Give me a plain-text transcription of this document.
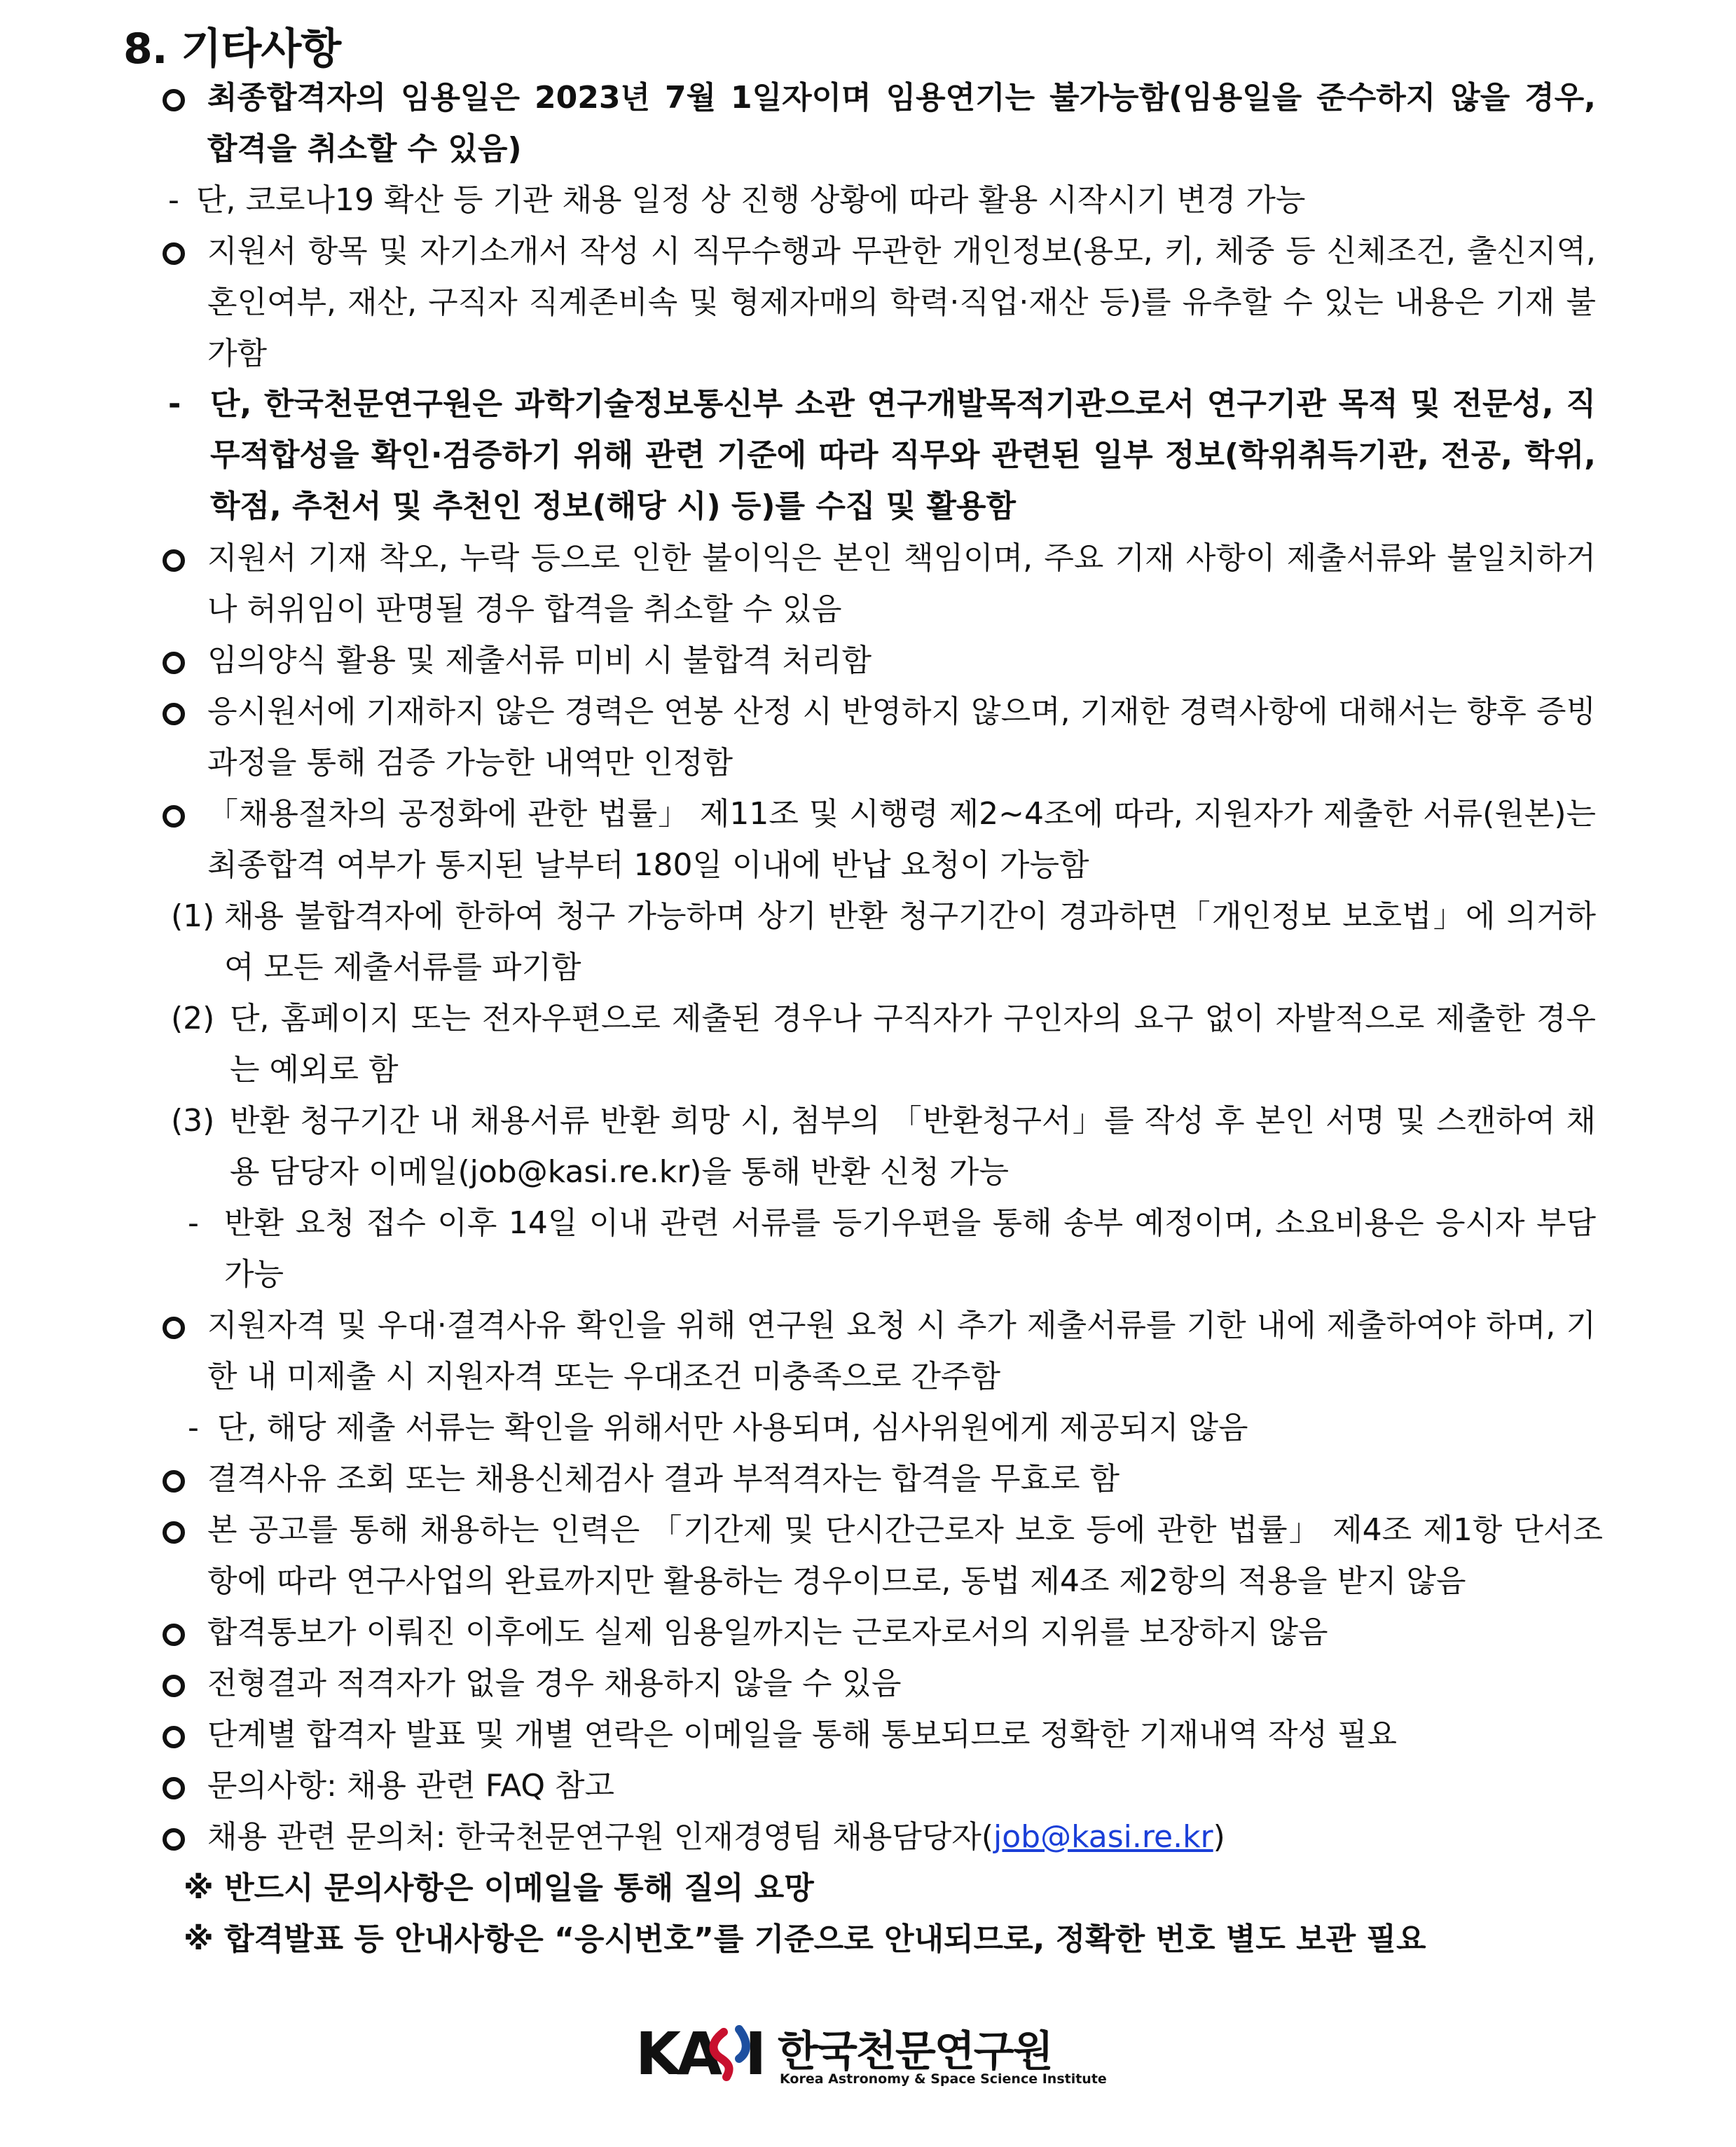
8. 기타사항
최종합격자의 임용일은 2023년 7월 1일자이며 임용연기는 불가능함(임용일을 준수하지 않을 경우, 합격을 취소할 수 있음)
- 단, 코로나19 확산 등 기관 채용 일정 상 진행 상황에 따라 활용 시작시기 변경 가능
지원서 항목 및 자기소개서 작성 시 직무수행과 무관한 개인정보(용모, 키, 체중 등 신체조건, 출신지역, 혼인여부, 재산, 구직자 직계존비속 및 형제자매의 학력·직업·재산 등)를 유추할 수 있는 내용은 기재 불가함
- 단, 한국천문연구원은 과학기술정보통신부 소관 연구개발목적기관으로서 연구기관 목적 및 전문성, 직무적합성을 확인·검증하기 위해 관련 기준에 따라 직무와 관련된 일부 정보(학위취득기관, 전공, 학위, 학점, 추천서 및 추천인 정보(해당 시) 등)를 수집 및 활용함
지원서 기재 착오, 누락 등으로 인한 불이익은 본인 책임이며, 주요 기재 사항이 제출서류와 불일치하거나 허위임이 판명될 경우 합격을 취소할 수 있음
임의양식 활용 및 제출서류 미비 시 불합격 처리함
응시원서에 기재하지 않은 경력은 연봉 산정 시 반영하지 않으며, 기재한 경력사항에 대해서는 향후 증빙 과정을 통해 검증 가능한 내역만 인정함
「채용절차의 공정화에 관한 법률」 제11조 및 시행령 제2~4조에 따라, 지원자가 제출한 서류(원본)는 최종합격 여부가 통지된 날부터 180일 이내에 반납 요청이 가능함
(1) 채용 불합격자에 한하여 청구 가능하며 상기 반환 청구기간이 경과하면「개인정보 보호법」에 의거하여 모든 제출서류를 파기함
(2) 단, 홈페이지 또는 전자우편으로 제출된 경우나 구직자가 구인자의 요구 없이 자발적으로 제출한 경우는 예외로 함
(3) 반환 청구기간 내 채용서류 반환 희망 시, 첨부의 「반환청구서」를 작성 후 본인 서명 및 스캔하여 채용 담당자 이메일(job@kasi.re.kr)을 통해 반환 신청 가능
- 반환 요청 접수 이후 14일 이내 관련 서류를 등기우편을 통해 송부 예정이며, 소요비용은 응시자 부담 가능
지원자격 및 우대·결격사유 확인을 위해 연구원 요청 시 추가 제출서류를 기한 내에 제출하여야 하며, 기한 내 미제출 시 지원자격 또는 우대조건 미충족으로 간주함
- 단, 해당 제출 서류는 확인을 위해서만 사용되며, 심사위원에게 제공되지 않음
결격사유 조회 또는 채용신체검사 결과 부적격자는 합격을 무효로 함
본 공고를 통해 채용하는 인력은 「기간제 및 단시간근로자 보호 등에 관한 법률」 제4조 제1항 단서조항에 따라 연구사업의 완료까지만 활용하는 경우이므로, 동법 제4조 제2항의 적용을 받지 않음
합격통보가 이뤄진 이후에도 실제 임용일까지는 근로자로서의 지위를 보장하지 않음
전형결과 적격자가 없을 경우 채용하지 않을 수 있음
단계별 합격자 발표 및 개별 연락은 이메일을 통해 통보되므로 정확한 기재내역 작성 필요
문의사항: 채용 관련 FAQ 참고
채용 관련 문의처: 한국천문연구원 인재경영팀 채용담당자(job@kasi.re.kr)
※ 반드시 문의사항은 이메일을 통해 질의 요망
※ 합격발표 등 안내사항은 “응시번호”를 기준으로 안내되므로, 정확한 번호 별도 보관 필요
KA I 한국천문연구원
Korea Astronomy & Space Science Institute
